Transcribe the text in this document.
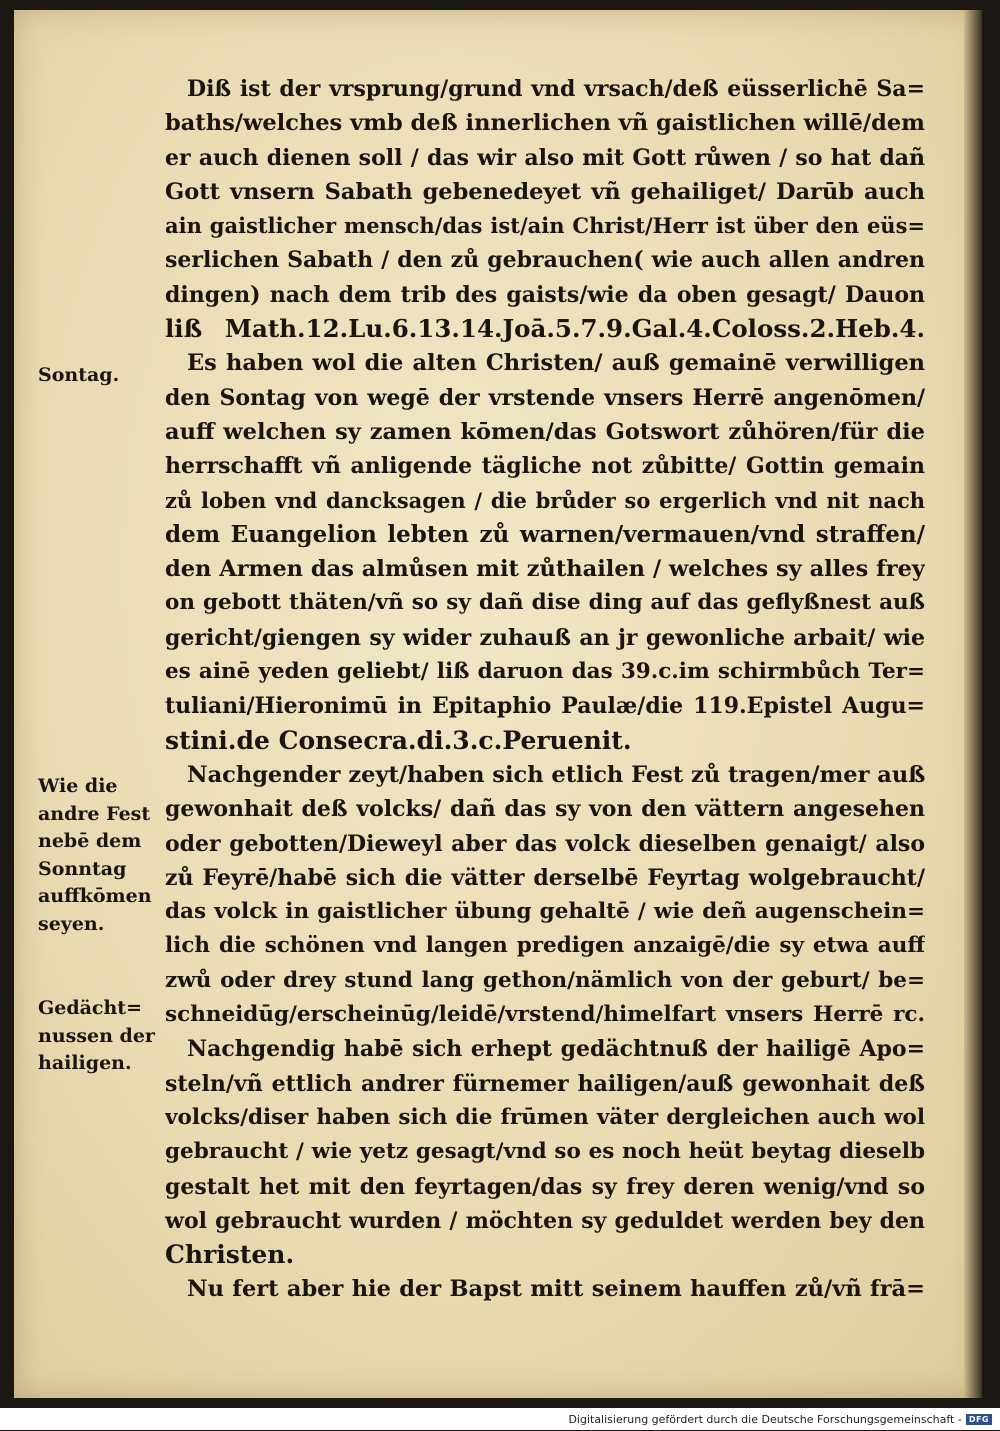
Diß ist der vrsprung/grund vnd vrsach/deß eüsserlichē Sa=
baths/welches vmb deß innerlichen vñ gaistlichen willē/dem
er auch dienen soll / das wir also mit Gott růwen / so hat dañ
Gott vnsern Sabath gebenedeyet vñ gehailiget/ Darūb auch
ain gaistlicher mensch/das ist/ain Christ/Herr ist über den eüs=
serlichen Sabath / den zů gebrauchen( wie auch allen andren
dingen) nach dem trib des gaists/wie da oben gesagt/ Dauon
liß Math.12.Lu.6.13.14.Joā.5.7.9.Gal.4.Coloss.2.Heb.4.
Es haben wol die alten Christen/ auß gemainē verwilligen
den Sontag von wegē der vrstende vnsers Herrē angenōmen/
auff welchen sy zamen kōmen/das Gotswort zůhören/für die
herrschafft vñ anligende tägliche not zůbitte/ Gottin gemain
zů loben vnd dancksagen / die brůder so ergerlich vnd nit nach
dem Euangelion lebten zů warnen/vermauen/vnd straffen/
den Armen das almůsen mit zůthailen / welches sy alles frey
on gebott thäten/vñ so sy dañ dise ding auf das geflyßnest auß
gericht/giengen sy wider zuhauß an jr gewonliche arbait/ wie
es ainē yeden geliebt/ liß daruon das 39.c.im schirmbůch Ter=
tuliani/Hieronimū in Epitaphio Paulæ/die 119.Epistel Augu=
stini.de Consecra.di.3.c.Peruenit.
Nachgender zeyt/haben sich etlich Fest zů tragen/mer auß
gewonhait deß volcks/ dañ das sy von den vättern angesehen
oder gebotten/Dieweyl aber das volck dieselben genaigt/ also
zů Feyrē/habē sich die vätter derselbē Feyrtag wolgebraucht/
das volck in gaistlicher übung gehaltē / wie deñ augenschein=
lich die schönen vnd langen predigen anzaigē/die sy etwa auff
zwů oder drey stund lang gethon/nämlich von der geburt/ be=
schneidūg/erscheinūg/leidē/vrstend/himelfart vnsers Herrē rc.
Nachgendig habē sich erhept gedächtnuß der hailigē Apo=
steln/vñ ettlich andrer fürnemer hailigen/auß gewonhait deß
volcks/diser haben sich die frūmen väter dergleichen auch wol
gebraucht / wie yetz gesagt/vnd so es noch heüt beytag dieselb
gestalt het mit den feyrtagen/das sy frey deren wenig/vnd so
wol gebraucht wurden / möchten sy geduldet werden bey den
Christen.
Nu fert aber hie der Bapst mitt seinem hauffen zů/vñ frā=
Sontag.
Wie die
andre Fest
nebē dem
Sonntag
auffkōmen
seyen.
Gedächt=
nussen der
hailigen.
Digitalisierung gefördert durch die Deutsche Forschungsgemeinschaft - DFG
